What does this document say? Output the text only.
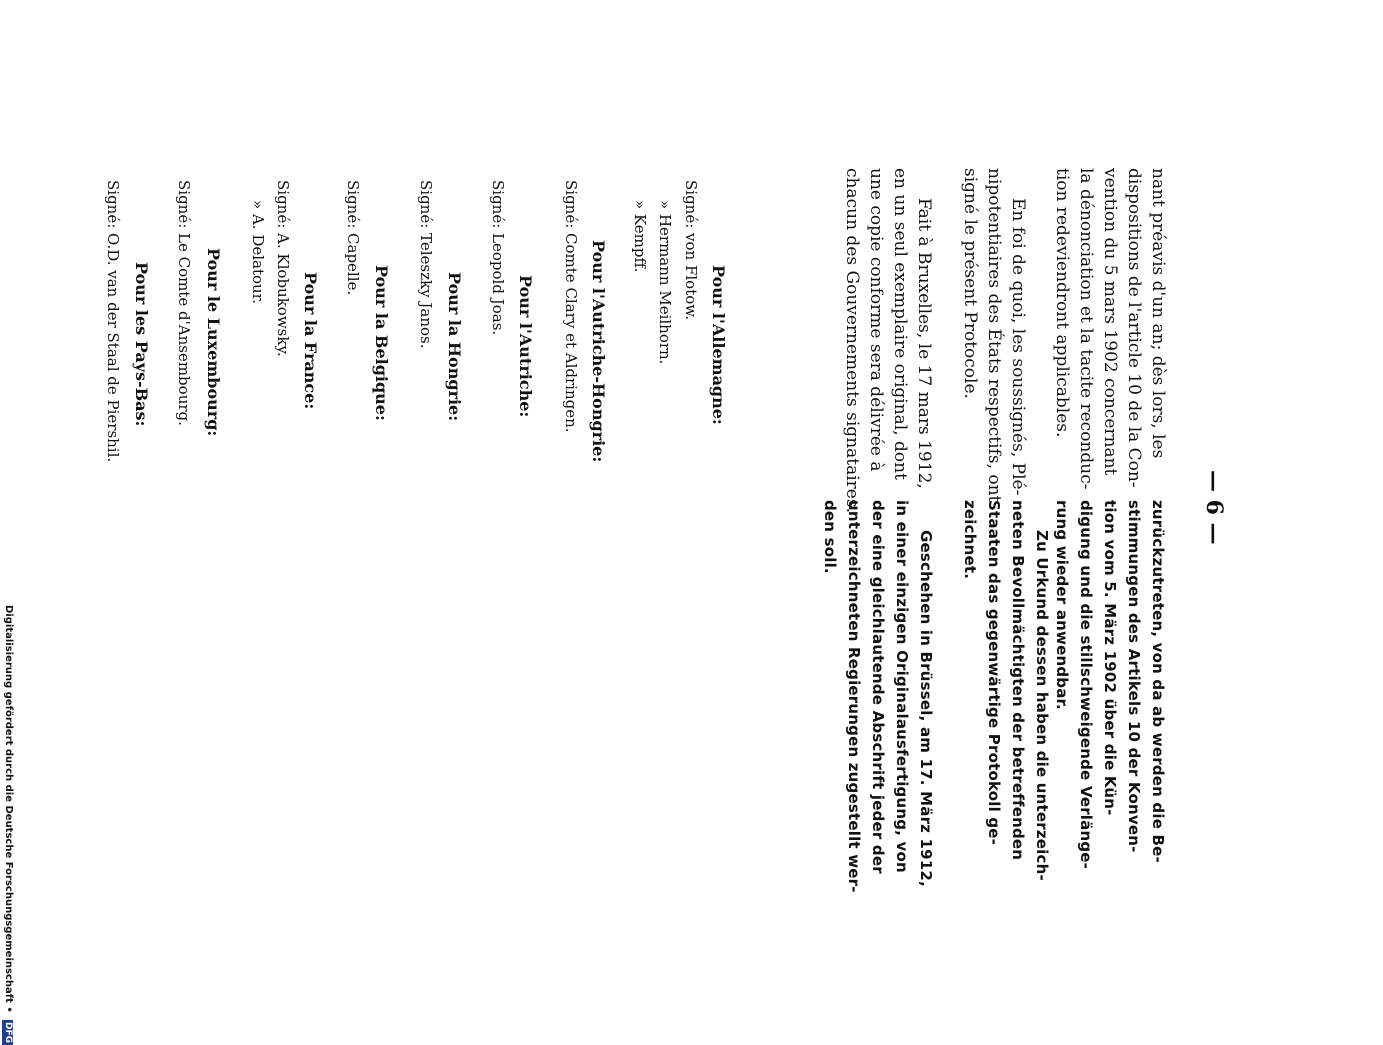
— 6 —

nant préavis d'un an; dès lors, les

dispositions de l'article 10 de la Con-

vention du 5 mars 1902 concernant

la dénonciation et la tacite reconduc-

tion redeviendront applicables.

En foi de quoi, les soussignés, Plé-

nipotentiaires des États respectifs, ont

signé le présent Protocole.

Fait à Bruxelles, le 17 mars 1912,

en un seul exemplaire original, dont

une copie conforme sera délivrée à

chacun des Gouvernements signataires.

zurückzutreten, von da ab werden die Be-

stimmungen des Artikels 10 der Konven-

tion vom 5. März 1902 über die Kün-

digung und die stillschweigende Verlänge-

rung wieder anwendbar.

Zu Urkund dessen haben die unterzeich-

neten Bevollmächtigten der betreffenden

Staaten das gegenwärtige Protokoll ge-

zeichnet.

Geschehen in Brüssel, am 17. März 1912,

in einer einzigen Originalausfertigung, von

der eine gleichlautende Abschrift jeder der

unterzeichneten Regierungen zugestellt wer-

den soll.

Pour l'Allemagne:
Signé: von Flotow.
» Hermann Meilhorn.
» Kempff.
Pour l'Autriche-Hongrie:
Signé: Comte Clary et Aldringen.
Pour l'Autriche:
Signé: Leopold Joas.
Pour la Hongrie:
Signé: Teleszky Janos.
Pour la Belgique:
Signé: Capelle.
Pour la France:
Signé: A. Klobukowsky.
» A. Delatour.
Pour le Luxembourg:
Signé: Le Comte d'Ansembourg.
Pour les Pays-Bas:
Signé: O.D. van der Staal de Piershil.
Digitalisierung gefördert durch die Deutsche Forschungsgemeinschaft • DFG
